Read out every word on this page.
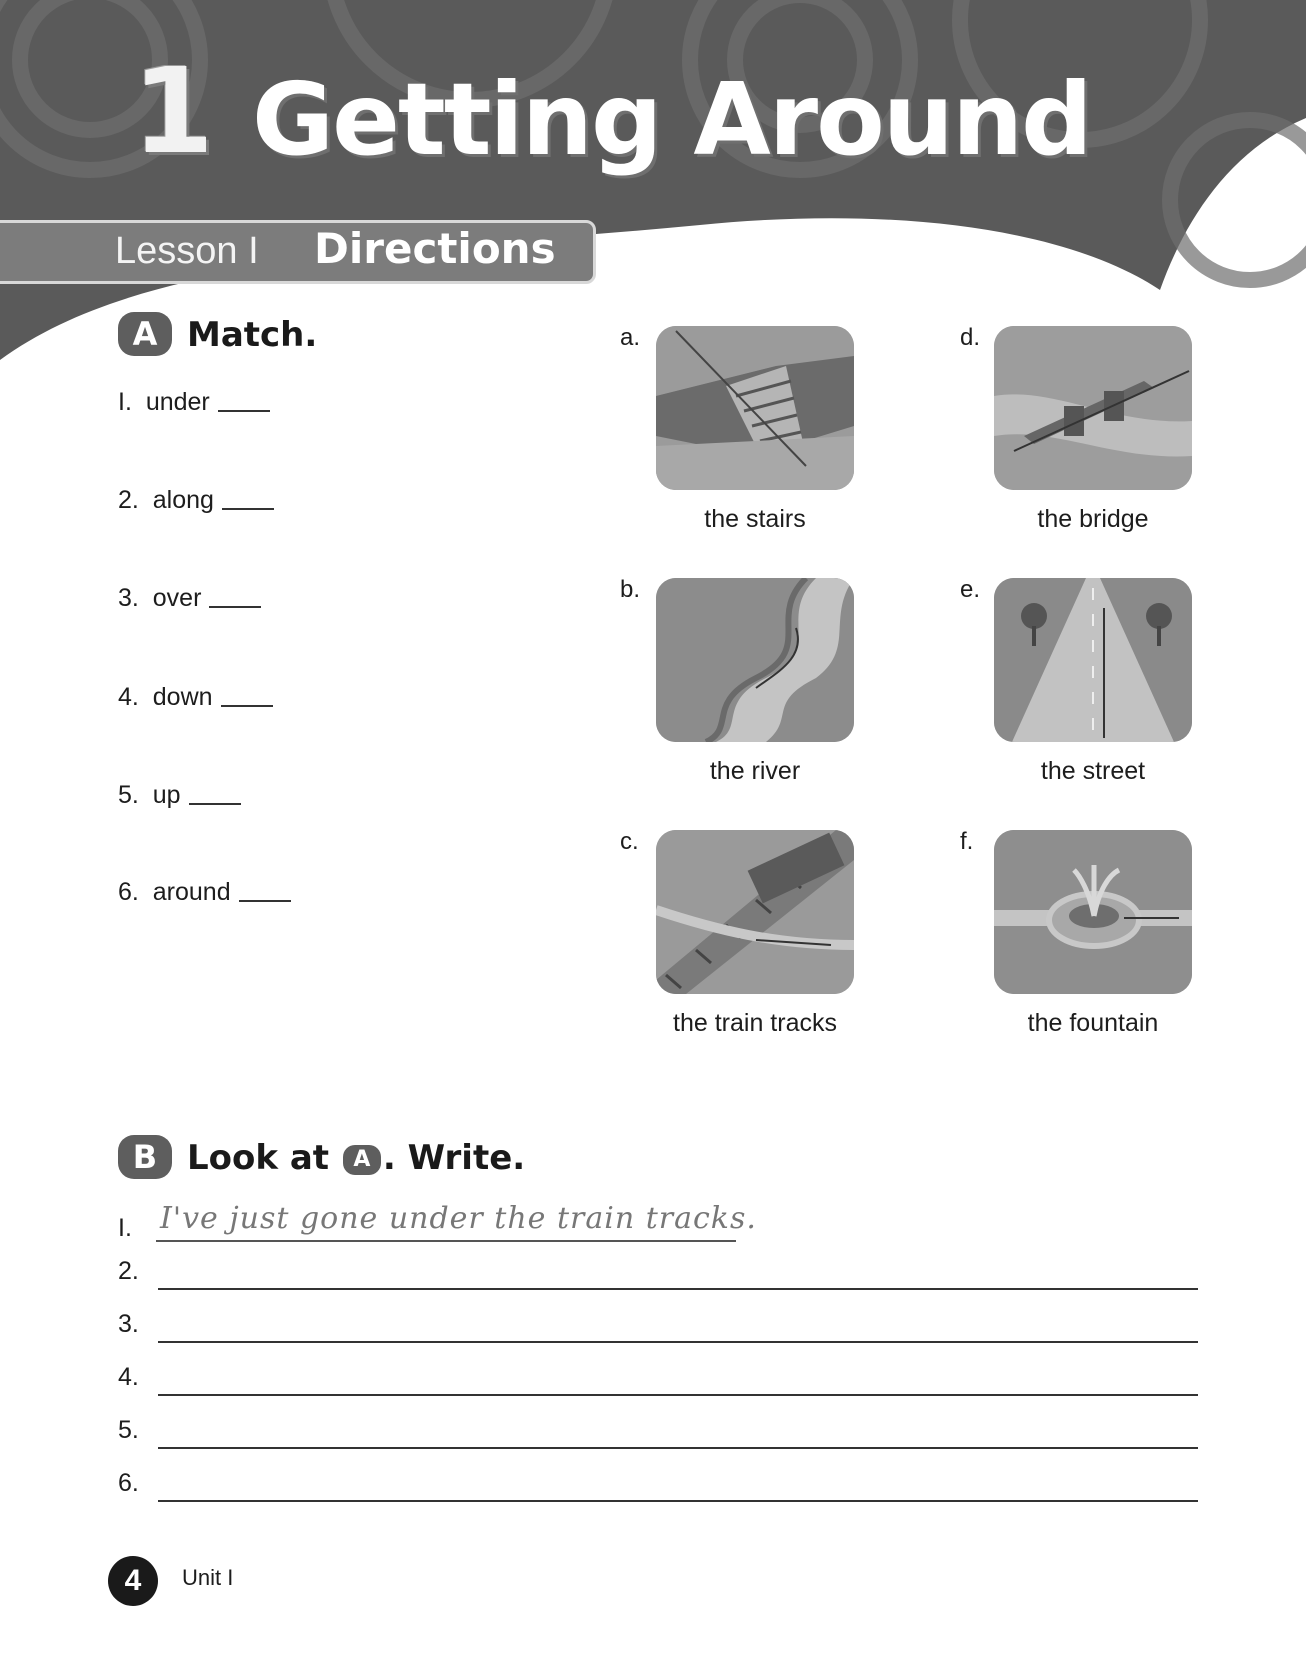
1 Getting Around
Lesson I Directions
A Match.
I. under
2. along
3. over
4. down
5. up
6. around
a.
the stairs
b.
the river
c.
the train tracks
d.
the bridge
e.
the street
f.
the fountain
B Look at A . Write.
I. I've just gone under the train tracks.
2.
3.
4.
5.
6.
4	Unit I
